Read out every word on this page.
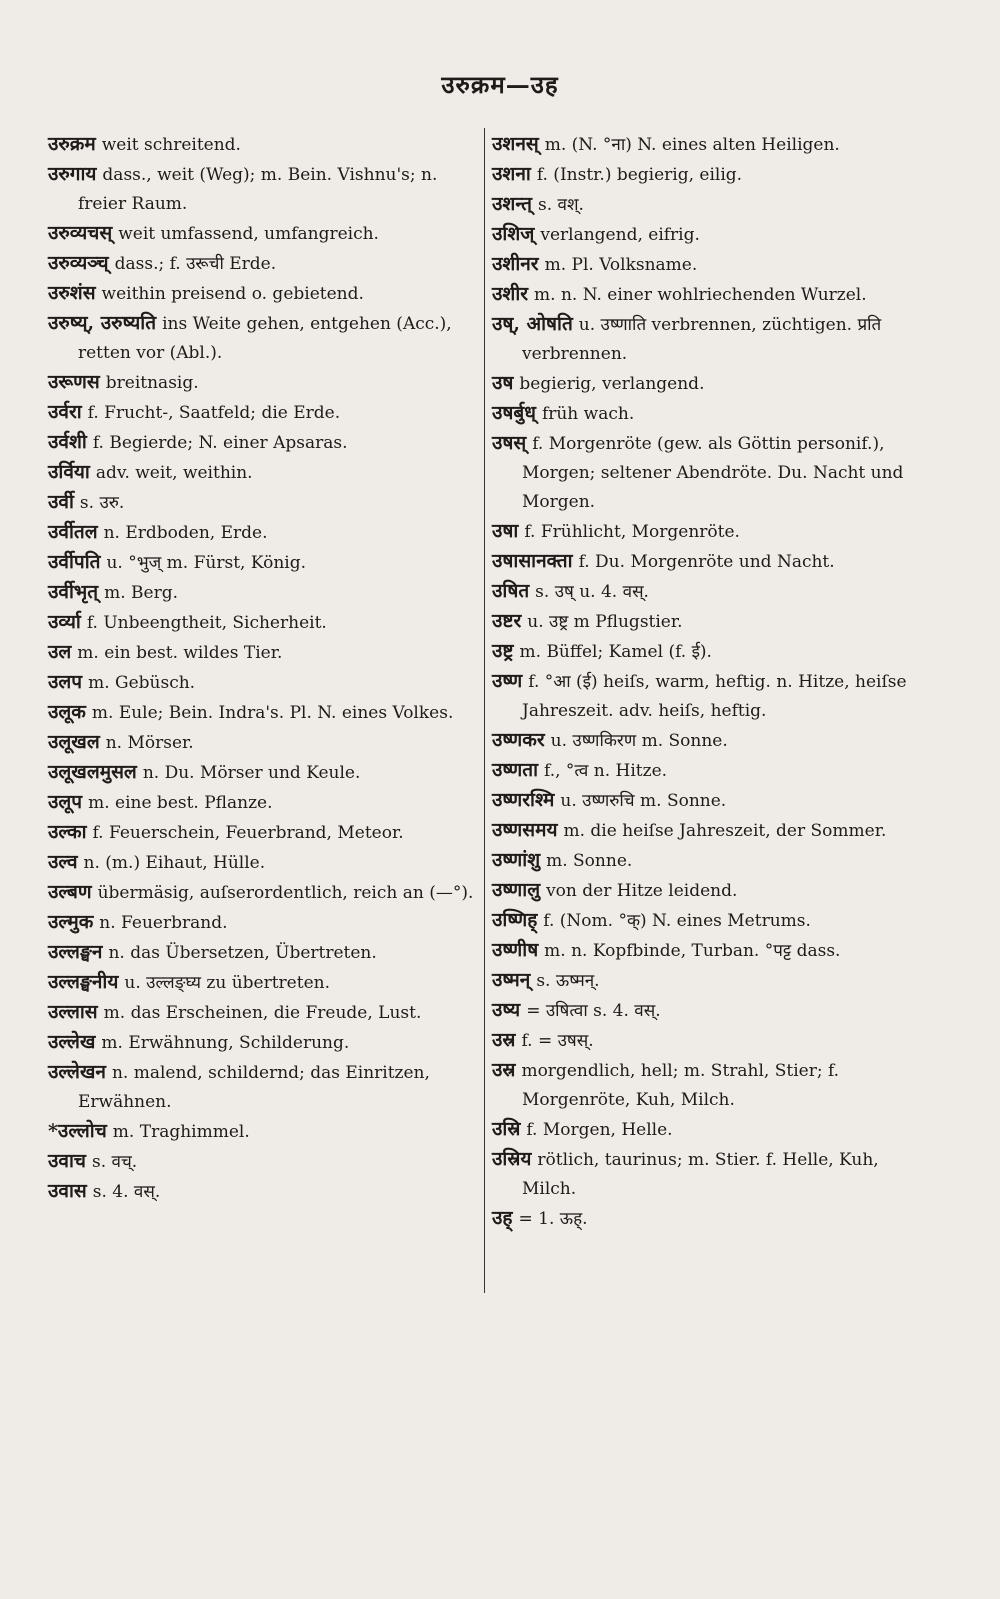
उरुक्रम—उह

उरुक्रम weit schreitend.

उरुगाय dass., weit (Weg); m. Bein. Vishnu's; n. freier Raum.

उरुव्यचस् weit umfassend, umfangreich.

उरुव्यञ्च् dass.; f. उरूची Erde.

उरुशंस weithin preisend o. gebietend.

उरुष्य्, उरुष्यति ins Weite gehen, entgehen (Acc.), retten vor (Abl.).

उरूणस breitnasig.

उर्वरा f. Frucht-, Saatfeld; die Erde.

उर्वशी f. Begierde; N. einer Apsaras.

उर्विया adv. weit, weithin.

उर्वी s. उरु.

उर्वीतल n. Erdboden, Erde.

उर्वीपति u. °भुज् m. Fürst, König.

उर्वीभृत् m. Berg.

उर्व्या f. Unbeengtheit, Sicherheit.

उल m. ein best. wildes Tier.

उलप m. Gebüsch.

उलूक m. Eule; Bein. Indra's. Pl. N. eines Volkes.

उलूखल n. Mörser.

उलूखलमुसल n. Du. Mörser und Keule.

उलूप m. eine best. Pflanze.

उल्का f. Feuerschein, Feuerbrand, Meteor.

उल्व n. (m.) Eihaut, Hülle.

उल्बण übermäsig, auſserordentlich, reich an (—°).

उल्मुक n. Feuerbrand.

उल्लङ्घन n. das Übersetzen, Übertreten.

उल्लङ्घनीय u. उल्लङ्घ्य zu übertreten.

उल्लास m. das Erscheinen, die Freude, Lust.

उल्लेख m. Erwähnung, Schilderung.

उल्लेखन n. malend, schildernd; das Einritzen, Erwähnen.

*उल्लोच m. Traghimmel.

उवाच s. वच्.

उवास s. 4. वस्.

उशनस् m. (N. °ना) N. eines alten Heiligen.

उशना f. (Instr.) begierig, eilig.

उशन्त् s. वश्.

उशिज् verlangend, eifrig.

उशीनर m. Pl. Volksname.

उशीर m. n. N. einer wohlriechenden Wurzel.

उष्, ओषति u. उष्णाति verbrennen, züchtigen. प्रति verbrennen.

उष begierig, verlangend.

उषर्बुध् früh wach.

उषस् f. Morgenröte (gew. als Göttin personif.), Morgen; seltener Abendröte. Du. Nacht und Morgen.

उषा f. Frühlicht, Morgenröte.

उषासानक्ता f. Du. Morgenröte und Nacht.

उषित s. उष् u. 4. वस्.

उष्टर u. उष्ट्र m Pflugstier.

उष्ट्र m. Büffel; Kamel (f. ई).

उष्ण f. °आ (ई) heiſs, warm, heftig. n. Hitze, heiſse Jahreszeit. adv. heiſs, heftig.

उष्णकर u. उष्णकिरण m. Sonne.

उष्णता f., °त्व n. Hitze.

उष्णरश्मि u. उष्णरुचि m. Sonne.

उष्णसमय m. die heiſse Jahreszeit, der Sommer.

उष्णांशु m. Sonne.

उष्णालु von der Hitze leidend.

उष्णिह् f. (Nom. °क्) N. eines Metrums.

उष्णीष m. n. Kopfbinde, Turban. °पट्ट dass.

उष्मन् s. ऊष्मन्.

उष्य = उषित्वा s. 4. वस्.

उस्र f. = उषस्.

उस्र morgendlich, hell; m. Strahl, Stier; f. Morgenröte, Kuh, Milch.

उस्रि f. Morgen, Helle.

उस्रिय rötlich, taurinus; m. Stier. f. Helle, Kuh, Milch.

उह् = 1. ऊह्.
